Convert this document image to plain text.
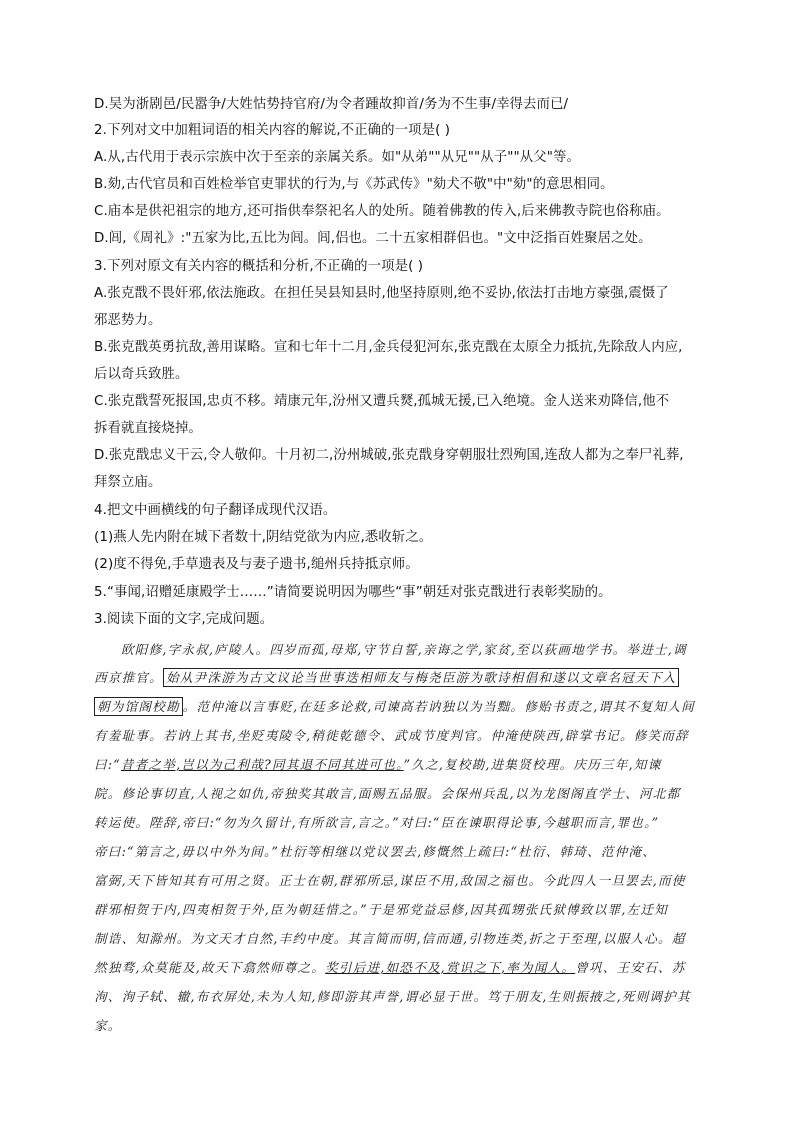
D.吴为浙剧邑/民嚣争/大姓怙势持官府/为令者踵故抑首/务为不生事/幸得去而已/
2.下列对文中加粗词语的相关内容的解说,不正确的一项是( )
A.从,古代用于表示宗族中次于至亲的亲属关系。如"从弟""从兄""从子""从父"等。
B.劾,古代官员和百姓检举官吏罪状的行为,与《苏武传》"劾犬不敬"中"劾"的意思相同。
C.庙本是供祀祖宗的地方,还可指供奉祭祀名人的处所。随着佛教的传入,后来佛教寺院也俗称庙。
D.闾,《周礼》:"五家为比,五比为闾。闾,侣也。二十五家相群侣也。"文中泛指百姓聚居之处。
3.下列对原文有关内容的概括和分析,不正确的一项是( )
A.张克戬不畏奸邪,依法施政。在担任吴县知县时,他坚持原则,绝不妥协,依法打击地方豪强,震慑了
邪恶势力。
B.张克戬英勇抗敌,善用谋略。宣和七年十二月,金兵侵犯河东,张克戬在太原全力抵抗,先除敌人内应,
后以奇兵致胜。
C.张克戬誓死报国,忠贞不移。靖康元年,汾州又遭兵燹,孤城无援,已入绝境。金人送来劝降信,他不
拆看就直接烧掉。
D.张克戬忠义干云,令人敬仰。十月初二,汾州城破,张克戬身穿朝服壮烈殉国,连敌人都为之奉尸礼葬,
拜祭立庙。
4.把文中画横线的句子翻译成现代汉语。
(1)燕人先内附在城下者数十,阴结党欲为内应,悉收斩之。
(2)度不得免,手草遗表及与妻子遗书,缒州兵持抵京师。
5.“事闻,诏赠延康殿学士……”请简要说明因为哪些“事”朝廷对张克戬进行表彰奖励的。
3.阅读下面的文字,完成问题。
欧阳修,字永叔,庐陵人。四岁而孤,母郑,守节自誓,亲诲之学,家贫,至以荻画地学书。举进士,调
西京推官。 始从尹洙游为古文议论当世事迭相师友与梅尧臣游为歌诗相倡和遂以文章名冠天下入
朝为馆阁校勘 。范仲淹以言事贬,在廷多论救,司谏高若讷独以为当黜。修贻书责之,谓其不复知人间
有羞耻事。若讷上其书,坐贬夷陵令,稍徙乾德令、武成节度判官。仲淹使陕西,辟掌书记。修笑而辞
曰:“昔者之举,岂以为己利哉?同其退不同其进可也。”久之,复校勘,进集贤校理。庆历三年,知谏
院。修论事切直,人视之如仇,帝独奖其敢言,面赐五品服。会保州兵乱,以为龙图阁直学士、河北都
转运使。陛辞,帝曰:“勿为久留计,有所欲言,言之。”对曰:“臣在谏职得论事,今越职而言,罪也。”
帝曰:“第言之,毋以中外为间。”杜衍等相继以党议罢去,修慨然上疏曰:“杜衍、韩琦、范仲淹、
富弼,天下皆知其有可用之贤。正士在朝,群邪所忌,谋臣不用,敌国之福也。今此四人一旦罢去,而使
群邪相贺于内,四夷相贺于外,臣为朝廷惜之。”于是邪党益忌修,因其孤甥张氏狱傅致以罪,左迁知
制诰、知滁州。为文天才自然,丰约中度。其言简而明,信而通,引物连类,折之于至理,以服人心。超
然独骛,众莫能及,故天下翕然师尊之。奖引后进,如恐不及,赏识之下,率为闻人。曾巩、王安石、苏
洵、洵子轼、辙,布衣屏处,未为人知,修即游其声誉,谓必显于世。笃于朋友,生则振掖之,死则调护其
家。
